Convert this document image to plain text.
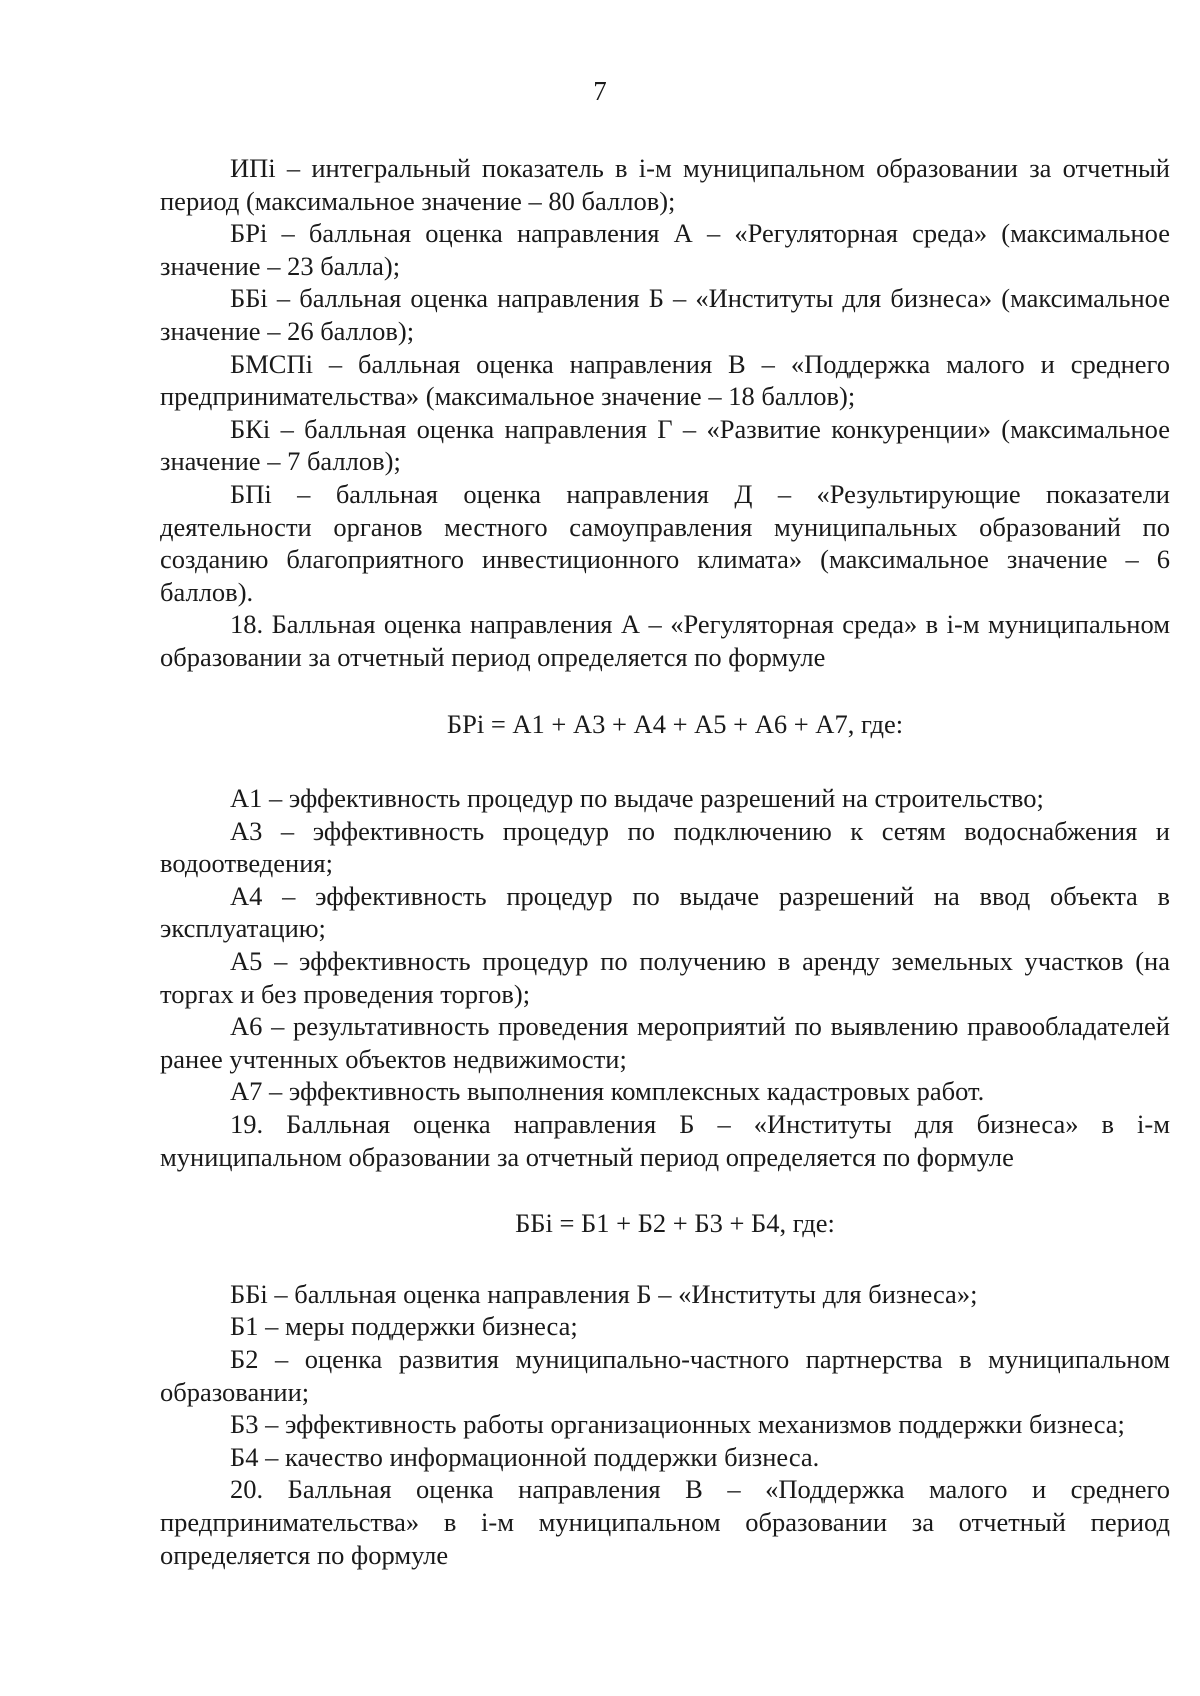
7

ИПi – интегральный показатель в i-м муниципальном образовании за отчетный период (максимальное значение – 80 баллов);

БРi – балльная оценка направления А – «Регуляторная среда» (максимальное значение – 23 балла);

ББi – балльная оценка направления Б – «Институты для бизнеса» (максимальное значение – 26 баллов);

БМСПi – балльная оценка направления В – «Поддержка малого и среднего предпринимательства» (максимальное значение – 18 баллов);

БКi – балльная оценка направления Г – «Развитие конкуренции» (максимальное значение – 7 баллов);

БПi – балльная оценка направления Д – «Результирующие показатели деятельности органов местного самоуправления муниципальных образований по созданию благоприятного инвестиционного климата» (максимальное значение – 6 баллов).

18. Балльная оценка направления А – «Регуляторная среда» в i-м муниципальном образовании за отчетный период определяется по формуле

БРi = А1 + А3 + А4 + А5 + А6 + А7, где:

А1 – эффективность процедур по выдаче разрешений на строительство;

А3 – эффективность процедур по подключению к сетям водоснабжения и водоотведения;

А4 – эффективность процедур по выдаче разрешений на ввод объекта в эксплуатацию;

А5 – эффективность процедур по получению в аренду земельных участков (на торгах и без проведения торгов);

А6 – результативность проведения мероприятий по выявлению правообладателей ранее учтенных объектов недвижимости;

А7 – эффективность выполнения комплексных кадастровых работ.

19. Балльная оценка направления Б – «Институты для бизнеса» в i-м муниципальном образовании за отчетный период определяется по формуле

ББi = Б1 + Б2 + Б3 + Б4, где:

ББi – балльная оценка направления Б – «Институты для бизнеса»;

Б1 – меры поддержки бизнеса;

Б2 – оценка развития муниципально-частного партнерства в муниципальном образовании;

Б3 – эффективность работы организационных механизмов поддержки бизнеса;

Б4 – качество информационной поддержки бизнеса.

20. Балльная оценка направления В – «Поддержка малого и среднего предпринимательства» в i-м муниципальном образовании за отчетный период определяется по формуле
